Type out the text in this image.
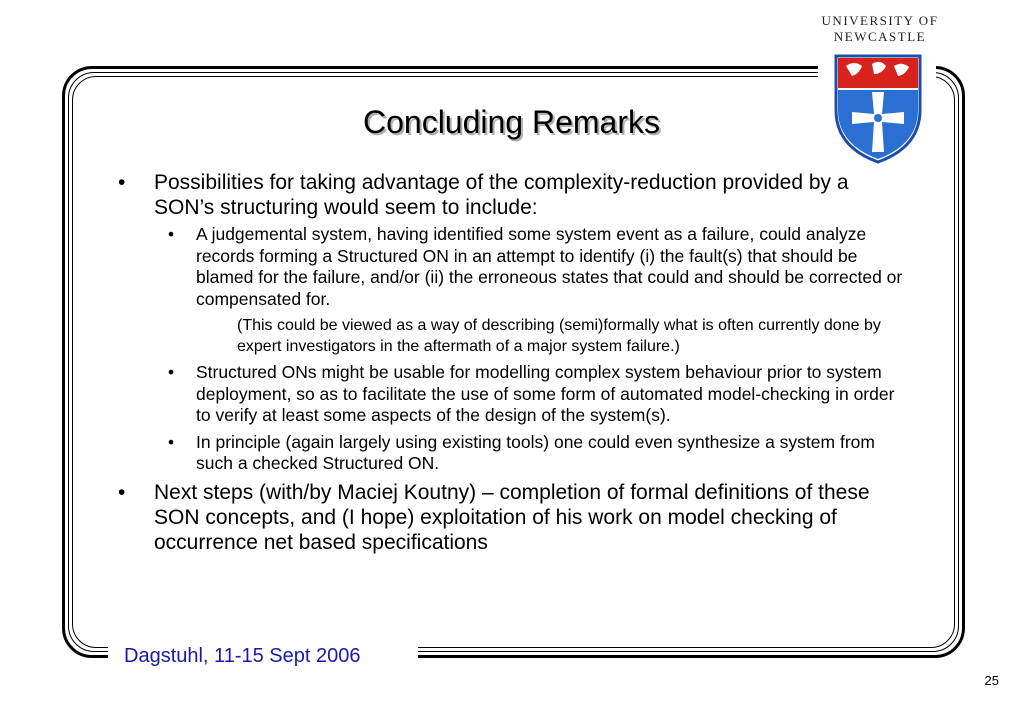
UNIVERSITY OF
NEWCASTLE
Concluding Remarks
• Possibilities for taking advantage of the complexity-reduction provided by a SON’s structuring would seem to include:
• A judgemental system, having identified some system event as a failure, could analyze records forming a Structured ON in an attempt to identify (i) the fault(s) that should be blamed for the failure, and/or (ii) the erroneous states that could and should be corrected or compensated for.
(This could be viewed as a way of describing (semi)formally what is often currently done by expert investigators in the aftermath of a major system failure.)
• Structured ONs might be usable for modelling complex system behaviour prior to system deployment, so as to facilitate the use of some form of automated model-checking in order to verify at least some aspects of the design of the system(s).
• In principle (again largely using existing tools) one could even synthesize a system from such a checked Structured ON.
• Next steps (with/by Maciej Koutny) – completion of formal definitions of these SON concepts, and (I hope) exploitation of his work on model checking of occurrence net based specifications
Dagstuhl, 11-15 Sept 2006
25
